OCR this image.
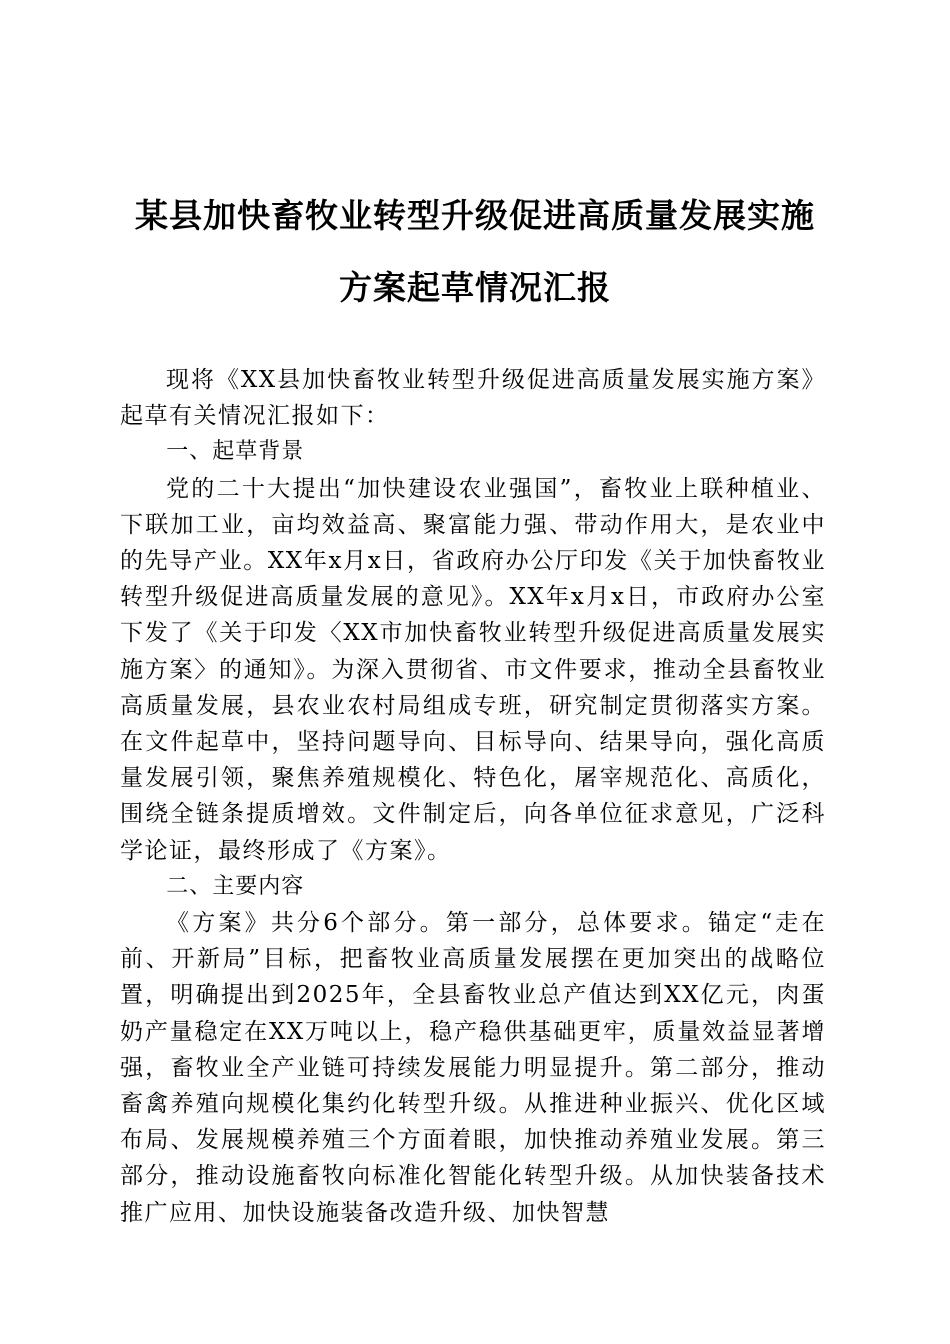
某县加快畜牧业转型升级促进高质量发展实施
方案起草情况汇报

现将《XX县加快畜牧业转型升级促进高质量发展实施方案》起草有关情况汇报如下：

一、起草背景

党的二十大提出“加快建设农业强国”，畜牧业上联种植业、下联加工业，亩均效益高、聚富能力强、带动作用大，是农业中的先导产业。XX年x月x日，省政府办公厅印发《关于加快畜牧业转型升级促进高质量发展的意见》。XX年x月x日，市政府办公室下发了《关于印发〈XX市加快畜牧业转型升级促进高质量发展实施方案〉的通知》。为深入贯彻省、市文件要求，推动全县畜牧业高质量发展，县农业农村局组成专班，研究制定贯彻落实方案。在文件起草中，坚持问题导向、目标导向、结果导向，强化高质量发展引领，聚焦养殖规模化、特色化，屠宰规范化、高质化，围绕全链条提质增效。文件制定后，向各单位征求意见，广泛科学论证，最终形成了《方案》。

二、主要内容

《方案》共分6个部分。第一部分，总体要求。锚定“走在前、开新局”目标，把畜牧业高质量发展摆在更加突出的战略位置，明确提出到2025年，全县畜牧业总产值达到XX亿元，肉蛋奶产量稳定在XX万吨以上，稳产稳供基础更牢，质量效益显著增强，畜牧业全产业链可持续发展能力明显提升。第二部分，推动畜禽养殖向规模化集约化转型升级。从推进种业振兴、优化区域布局、发展规模养殖三个方面着眼，加快推动养殖业发展。第三部分，推动设施畜牧向标准化智能化转型升级。从加快装备技术推广应用、加快设施装备改造升级、加快智慧
